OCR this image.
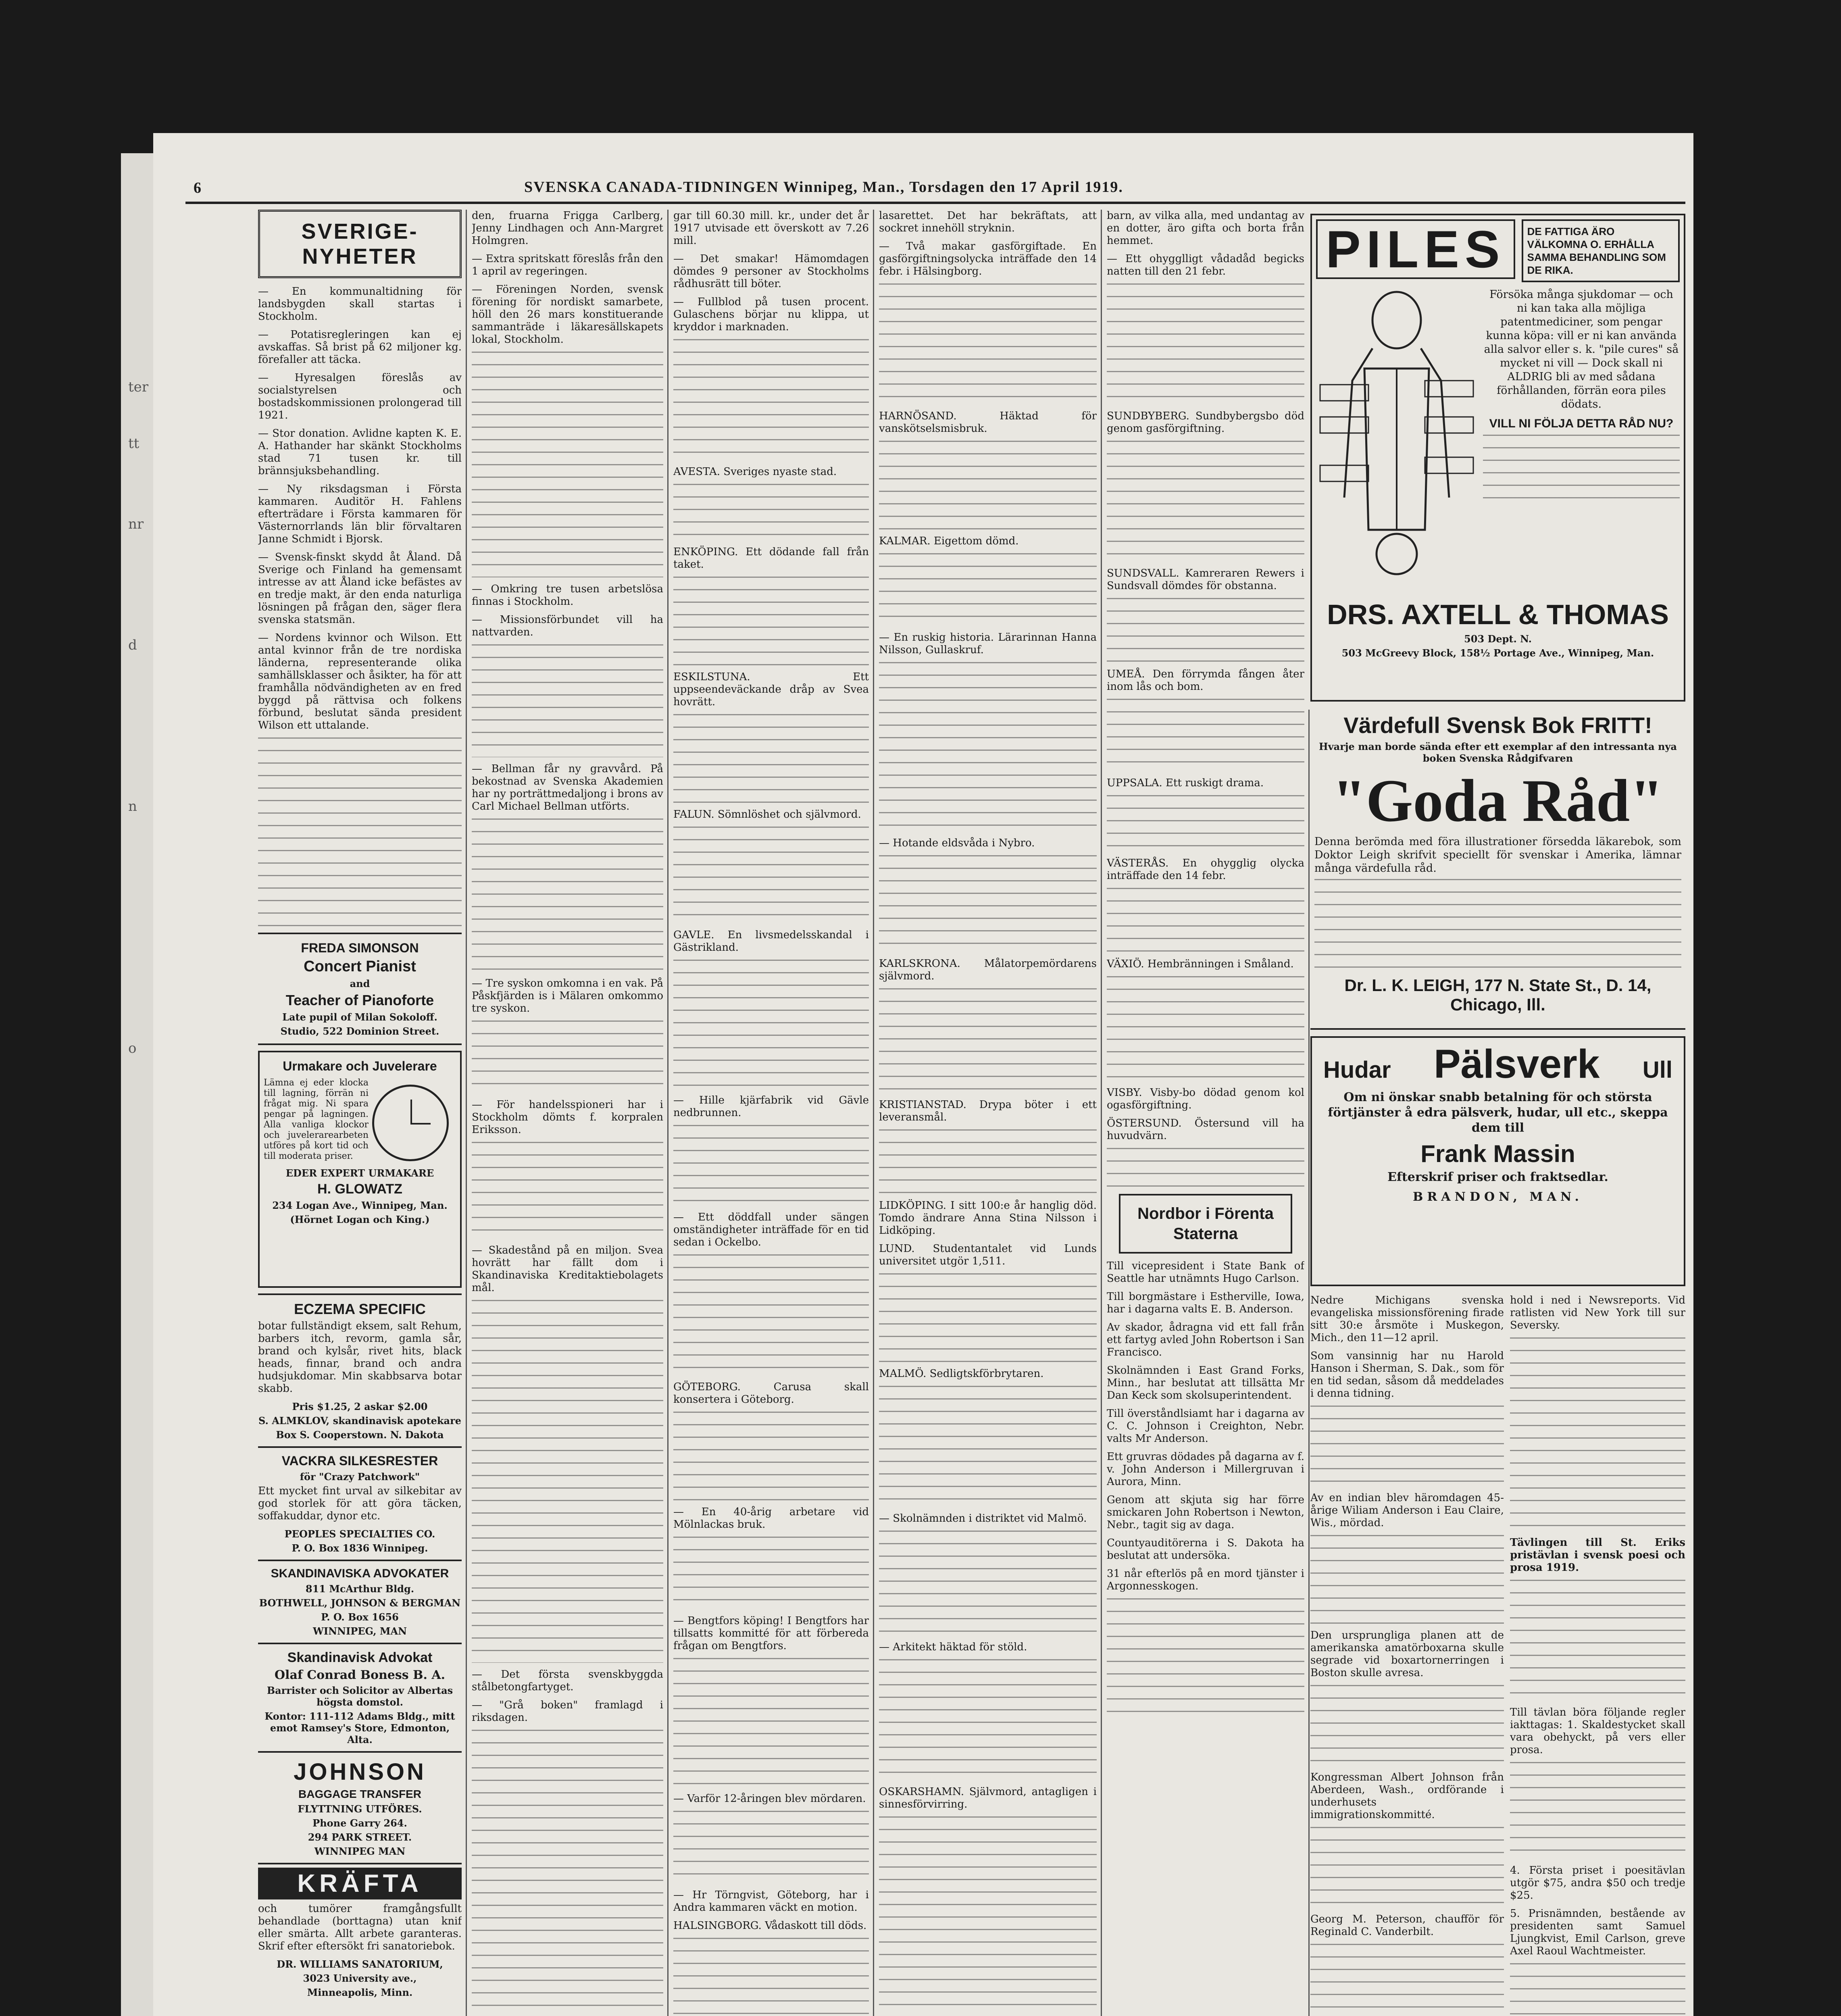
ter
tt
nr
d
n
o
6	SVENSKA CANADA-TIDNINGEN Winnipeg, Man., Torsdagen den 17 April 1919.
SVERIGE-NYHETER

— En kommunaltidning för landsbygden skall startas i Stockholm.

— Potatisregleringen kan ej avskaffas. Så brist på 62 miljoner kg. förefaller att täcka.

— Hyresalgen föreslås av socialstyrelsen och bostadskommissionen prolongerad till 1921.

— Stor donation. Avlidne kapten K. E. A. Hathander har skänkt Stockholms stad 71 tusen kr. till brännsjuksbehandling.

— Ny riksdagsman i Första kammaren. Auditör H. Fahlens efterträdare i Första kammaren för Västernorrlands län blir förvaltaren Janne Schmidt i Bjorsk.

— Svensk-finskt skydd åt Åland. Då Sverige och Finland ha gemensamt intresse av att Åland icke befästes av en tredje makt, är den enda naturliga lösningen på frågan den, säger flera svenska statsmän.

— Nordens kvinnor och Wilson. Ett antal kvinnor från de tre nordiska länderna, representerande olika samhällsklasser och åsikter, ha för att framhålla nödvändigheten av en fred byggd på rättvisa och folkens förbund, beslutat sända president Wilson ett uttalande.

FREDA SIMONSON
Concert Pianist
and
Teacher of Pianoforte
Late pupil of Milan Sokoloff.
Studio, 522 Dominion Street.
Urmakare och Juvelerare

Lämna ej eder klocka till lagning, förrän ni frågat mig. Ni spara pengar på lagningen. Alla vanliga klockor och juvelerarearbeten utföres på kort tid och till moderata priser.

EDER EXPERT URMAKARE
H. GLOWATZ
234 Logan Ave., Winnipeg, Man.
(Hörnet Logan och King.)
ECZEMA SPECIFIC

botar fullständigt eksem, salt Rehum, barbers itch, revorm, gamla sår, brand och kylsår, rivet hits, black heads, finnar, brand och andra hudsjukdomar. Min skabbsarva botar skabb.

Pris $1.25, 2 askar $2.00
S. ALMKLOV, skandinavisk apotekare
Box S. Cooperstown. N. Dakota
VACKRA SILKESRESTER
för "Crazy Patchwork"

Ett mycket fint urval av silkebitar av god storlek för att göra täcken, soffakuddar, dynor etc.

PEOPLES SPECIALTIES CO.
P. O. Box 1836 Winnipeg.
SKANDINAVISKA ADVOKATER
811 McArthur Bldg.
BOTHWELL, JOHNSON & BERGMAN
P. O. Box 1656
WINNIPEG, MAN
Skandinavisk Advokat
Olaf Conrad Boness B. A.
Barrister och Solicitor av Albertas högsta domstol.
Kontor: 111-112 Adams Bldg., mitt emot Ramsey's Store, Edmonton, Alta.
JOHNSON
BAGGAGE TRANSFER
FLYTTNING UTFÖRES.
Phone Garry 264.
294 PARK STREET.
WINNIPEG MAN
KRÄFTA

och tumörer framgångsfullt behandlade (borttagna) utan knif eller smärta. Allt arbete garanteras. Skrif efter eftersökt fri sanatoriebok.

DR. WILLIAMS SANATORIUM,
3023 University ave.,
Minneapolis, Minn.

den, fruarna Frigga Carlberg, Jenny Lindhagen och Ann-Margret Holmgren.

— Extra spritskatt föreslås från den 1 april av regeringen.

— Föreningen Norden, svensk förening för nordiskt samarbete, höll den 26 mars konstituerande sammanträde i läkaresällskapets lokal, Stockholm.

— Omkring tre tusen arbetslösa finnas i Stockholm.

— Missionsförbundet vill ha nattvarden.

— Bellman får ny gravvård. På bekostnad av Svenska Akademien har ny porträttmedaljong i brons av Carl Michael Bellman utförts.

— Tre syskon omkomna i en vak. På Påskfjärden is i Mälaren omkommo tre syskon.

— För handelsspioneri har i Stockholm dömts f. korpralen Eriksson.

— Skadestånd på en miljon. Svea hovrätt har fällt dom i Skandinaviska Kreditaktiebolagets mål.

— Det första svenskbyggda stålbetongfartyget.

— "Grå boken" framlagd i riksdagen.

gar till 60.30 mill. kr., under det år 1917 utvisade ett överskott av 7.26 mill.

— Det smakar! Hämomdagen dömdes 9 personer av Stockholms rådhusrätt till böter.

— Fullblod på tusen procent. Gulaschens börjar nu klippa, ut kryddor i marknaden.

AVESTA. Sveriges nyaste stad.

ENKÖPING. Ett dödande fall från taket.

ESKILSTUNA. Ett uppseendeväckande dråp av Svea hovrätt.

FALUN. Sömnlöshet och självmord.

GAVLE. En livsmedelsskandal i Gästrikland.

— Hille kjärfabrik vid Gävle nedbrunnen.

— Ett döddfall under sängen omständigheter inträffade för en tid sedan i Ockelbo.

GÖTEBORG. Carusa skall konsertera i Göteborg.

— En 40-årig arbetare vid Mölnlackas bruk.

— Bengtfors köping! I Bengtfors har tillsatts kommitté för att förbereda frågan om Bengtfors.

— Varför 12-åringen blev mördaren.

— Hr Törngvist, Göteborg, har i Andra kammaren väckt en motion.

HALSINGBORG. Vådaskott till döds.

lasarettet. Det har bekräftats, att sockret innehöll stryknin.

— Två makar gasförgiftade. En gasförgiftningsolycka inträffade den 14 febr. i Hälsingborg.

HARNÖSAND. Häktad för vanskötselsmisbruk.

KALMAR. Eigettom dömd.

— En ruskig historia. Lärarinnan Hanna Nilsson, Gullaskruf.

— Hotande eldsvåda i Nybro.

KARLSKRONA. Målatorpemördarens självmord.

KRISTIANSTAD. Drypa böter i ett leveransmål.

LIDKÖPING. I sitt 100:e år hanglig död. Tomdo ändrare Anna Stina Nilsson i Lidköping.

LUND. Studentantalet vid Lunds universitet utgör 1,511.

MALMÖ. Sedligtskförbrytaren.

— Skolnämnden i distriktet vid Malmö.

— Arkitekt häktad för stöld.

OSKARSHAMN. Självmord, antagligen i sinnesförvirring.

barn, av vilka alla, med undantag av en dotter, äro gifta och borta från hemmet.

— Ett ohygglligt vådadåd begicks natten till den 21 febr.

SUNDBYBERG. Sundbybergsbo död genom gasförgiftning.

SUNDSVALL. Kamreraren Rewers i Sundsvall dömdes för obstanna.

UMEÅ. Den förrymda fången åter inom lås och bom.

UPPSALA. Ett ruskigt drama.

VÄSTERÅS. En ohygglig olycka inträffade den 14 febr.

VÄXIÖ. Hembränningen i Småland.

VISBY. Visby-bo dödad genom kol ogasförgiftning.

ÖSTERSUND. Östersund vill ha huvudvärn.

Nordbor i Förenta Staterna

Till vicepresident i State Bank of Seattle har utnämnts Hugo Carlson.

Till borgmästare i Estherville, Iowa, har i dagarna valts E. B. Anderson.

Av skador, ådragna vid ett fall från ett fartyg avled John Robertson i San Francisco.

Skolnämnden i East Grand Forks, Minn., har beslutat att tillsätta Mr Dan Keck som skolsuperintendent.

Till överståndlsiamt har i dagarna av C. C. Johnson i Creighton, Nebr. valts Mr Anderson.

Ett gruvras dödades på dagarna av f. v. John Anderson i Millergruvan i Aurora, Minn.

Genom att skjuta sig har förre smickaren John Robertson i Newton, Nebr., tagit sig av daga.

Countyauditörerna i S. Dakota ha beslutat att undersöka.

31 når efterlös på en mord tjänster i Argonnesskogen.

PILES	DE FATTIGA ÄRO VÄLKOMNA O. ERHÅLLA SAMMA BEHANDLING SOM DE RIKA.

Försöka många sjukdomar — och ni kan taka alla möjliga patentmediciner, som pengar kunna köpa: vill er ni kan använda alla salvor eller s. k. "pile cures" så mycket ni vill — Dock skall ni ALDRIG bli av med sådana förhållanden, förrän eora piles dödats.

VILL NI FÖLJA DETTA RÅD NU?
DRS. AXTELL & THOMAS
503 Dept. N.
503 McGreevy Block, 158½ Portage Ave., Winnipeg, Man.
Värdefull Svensk Bok FRITT!
Hvarje man borde sända efter ett exemplar af den intressanta nya boken Svenska Rådgifvaren
"Goda Råd"

Denna berömda med föra illustrationer försedda läkarebok, som Doktor Leigh skrifvit speciellt för svenskar i Amerika, lämnar många värdefulla råd.

Dr. L. K. LEIGH, 177 N. State St., D. 14, Chicago, Ill.
Hudar Pälsverk Ull

Om ni önskar snabb betalning för och största förtjänster å edra pälsverk, hudar, ull etc., skeppa dem till

Frank Massin
Efterskrif priser och fraktsedlar.
BRANDON, MAN.

Nedre Michigans svenska evangeliska missionsförening firade sitt 30:e årsmöte i Muskegon, Mich., den 11—12 april.

Som vansinnig har nu Harold Hanson i Sherman, S. Dak., som för en tid sedan, såsom då meddelades i denna tidning.

Av en indian blev häromdagen 45-årige Wiliam Anderson i Eau Claire, Wis., mördad.

Den ursprungliga planen att de amerikanska amatörboxarna skulle segrade vid boxartornerringen i Boston skulle avresa.

Kongressman Albert Johnson från Aberdeen, Wash., ordförande i underhusets immigrationskommitté.

Georg M. Peterson, chaufför för Reginald C. Vanderbilt.

hold i ned i Newsreports. Vid ratlisten vid New York till sur Seversky.

Tävlingen till St. Eriks pristävlan i svensk poesi och prosa 1919.

Till tävlan böra följande regler iakttagas: 1. Skaldestycket skall vara obehyckt, på vers eller prosa.

4. Första priset i poesitävlan utgör $75, andra $50 och tredje $25.

5. Prisnämnden, bestående av presidenten samt Samuel Ljungkvist, Emil Carlson, greve Axel Raoul Wachtmeister.
